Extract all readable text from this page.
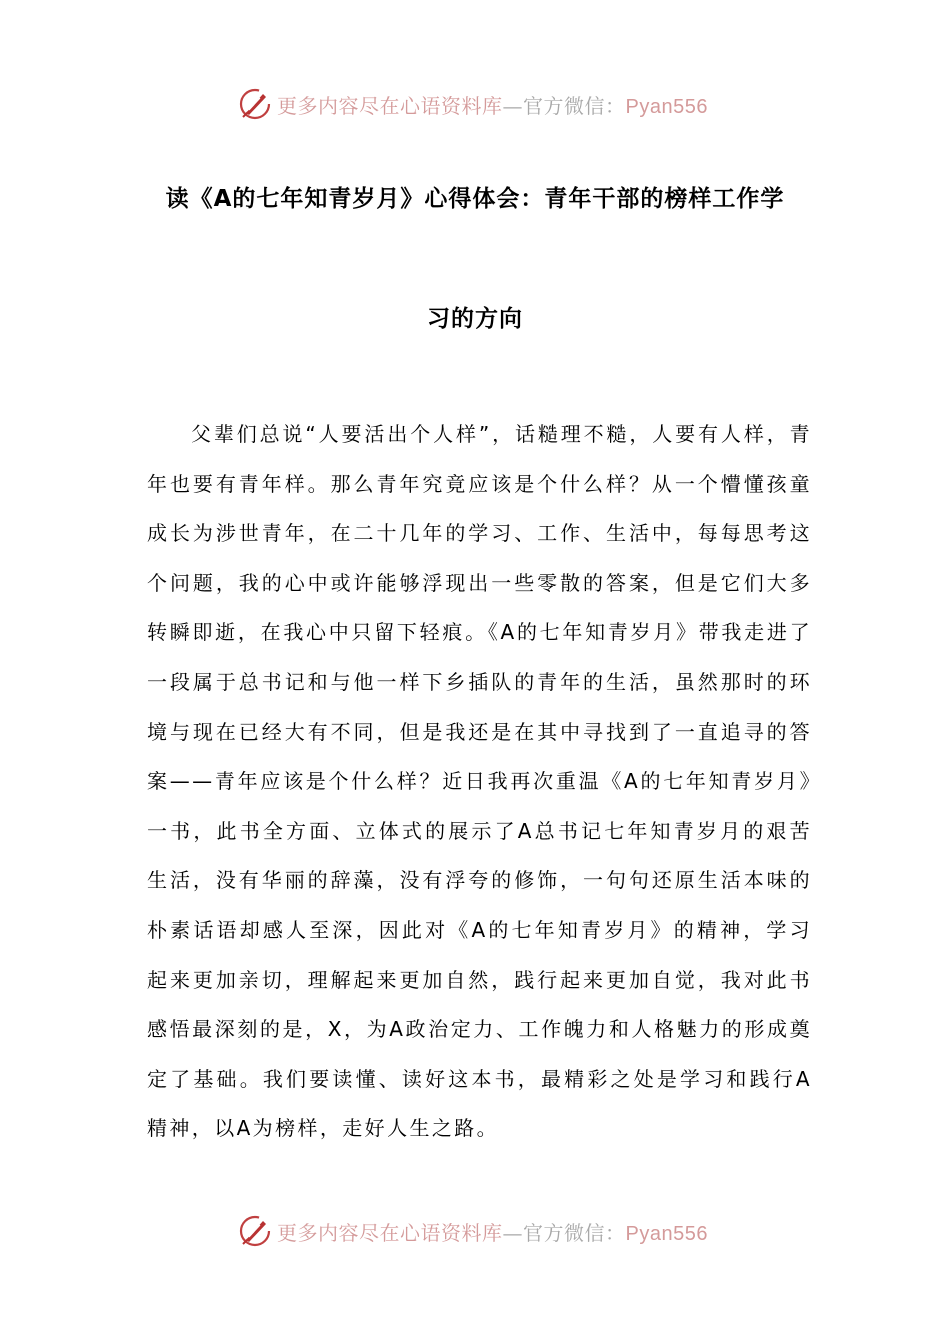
更多内容尽在心语资料库—官方微信：Pyan556
读《A的七年知青岁月》心得体会：青年干部的榜样工作学
习的方向

父辈们总说“人要活出个人样”，话糙理不糙，人要有人样，青年也要有青年样。那么青年究竟应该是个什么样？从一个懵懂孩童成长为涉世青年，在二十几年的学习、工作、生活中，每每思考这个问题，我的心中或许能够浮现出一些零散的答案，但是它们大多转瞬即逝，在我心中只留下轻痕。《A的七年知青岁月》带我走进了一段属于总书记和与他一样下乡插队的青年的生活，虽然那时的环境与现在已经大有不同，但是我还是在其中寻找到了一直追寻的答案——青年应该是个什么样？近日我再次重温《A的七年知青岁月》一书，此书全方面、立体式的展示了A总书记七年知青岁月的艰苦生活，没有华丽的辞藻，没有浮夸的修饰，一句句还原生活本味的朴素话语却感人至深，因此对《A的七年知青岁月》的精神，学习起来更加亲切，理解起来更加自然，践行起来更加自觉，我对此书感悟最深刻的是，X，为A政治定力、工作魄力和人格魅力的形成奠定了基础。我们要读懂、读好这本书，最精彩之处是学习和践行A精神，以A为榜样，走好人生之路。

更多内容尽在心语资料库—官方微信：Pyan556
